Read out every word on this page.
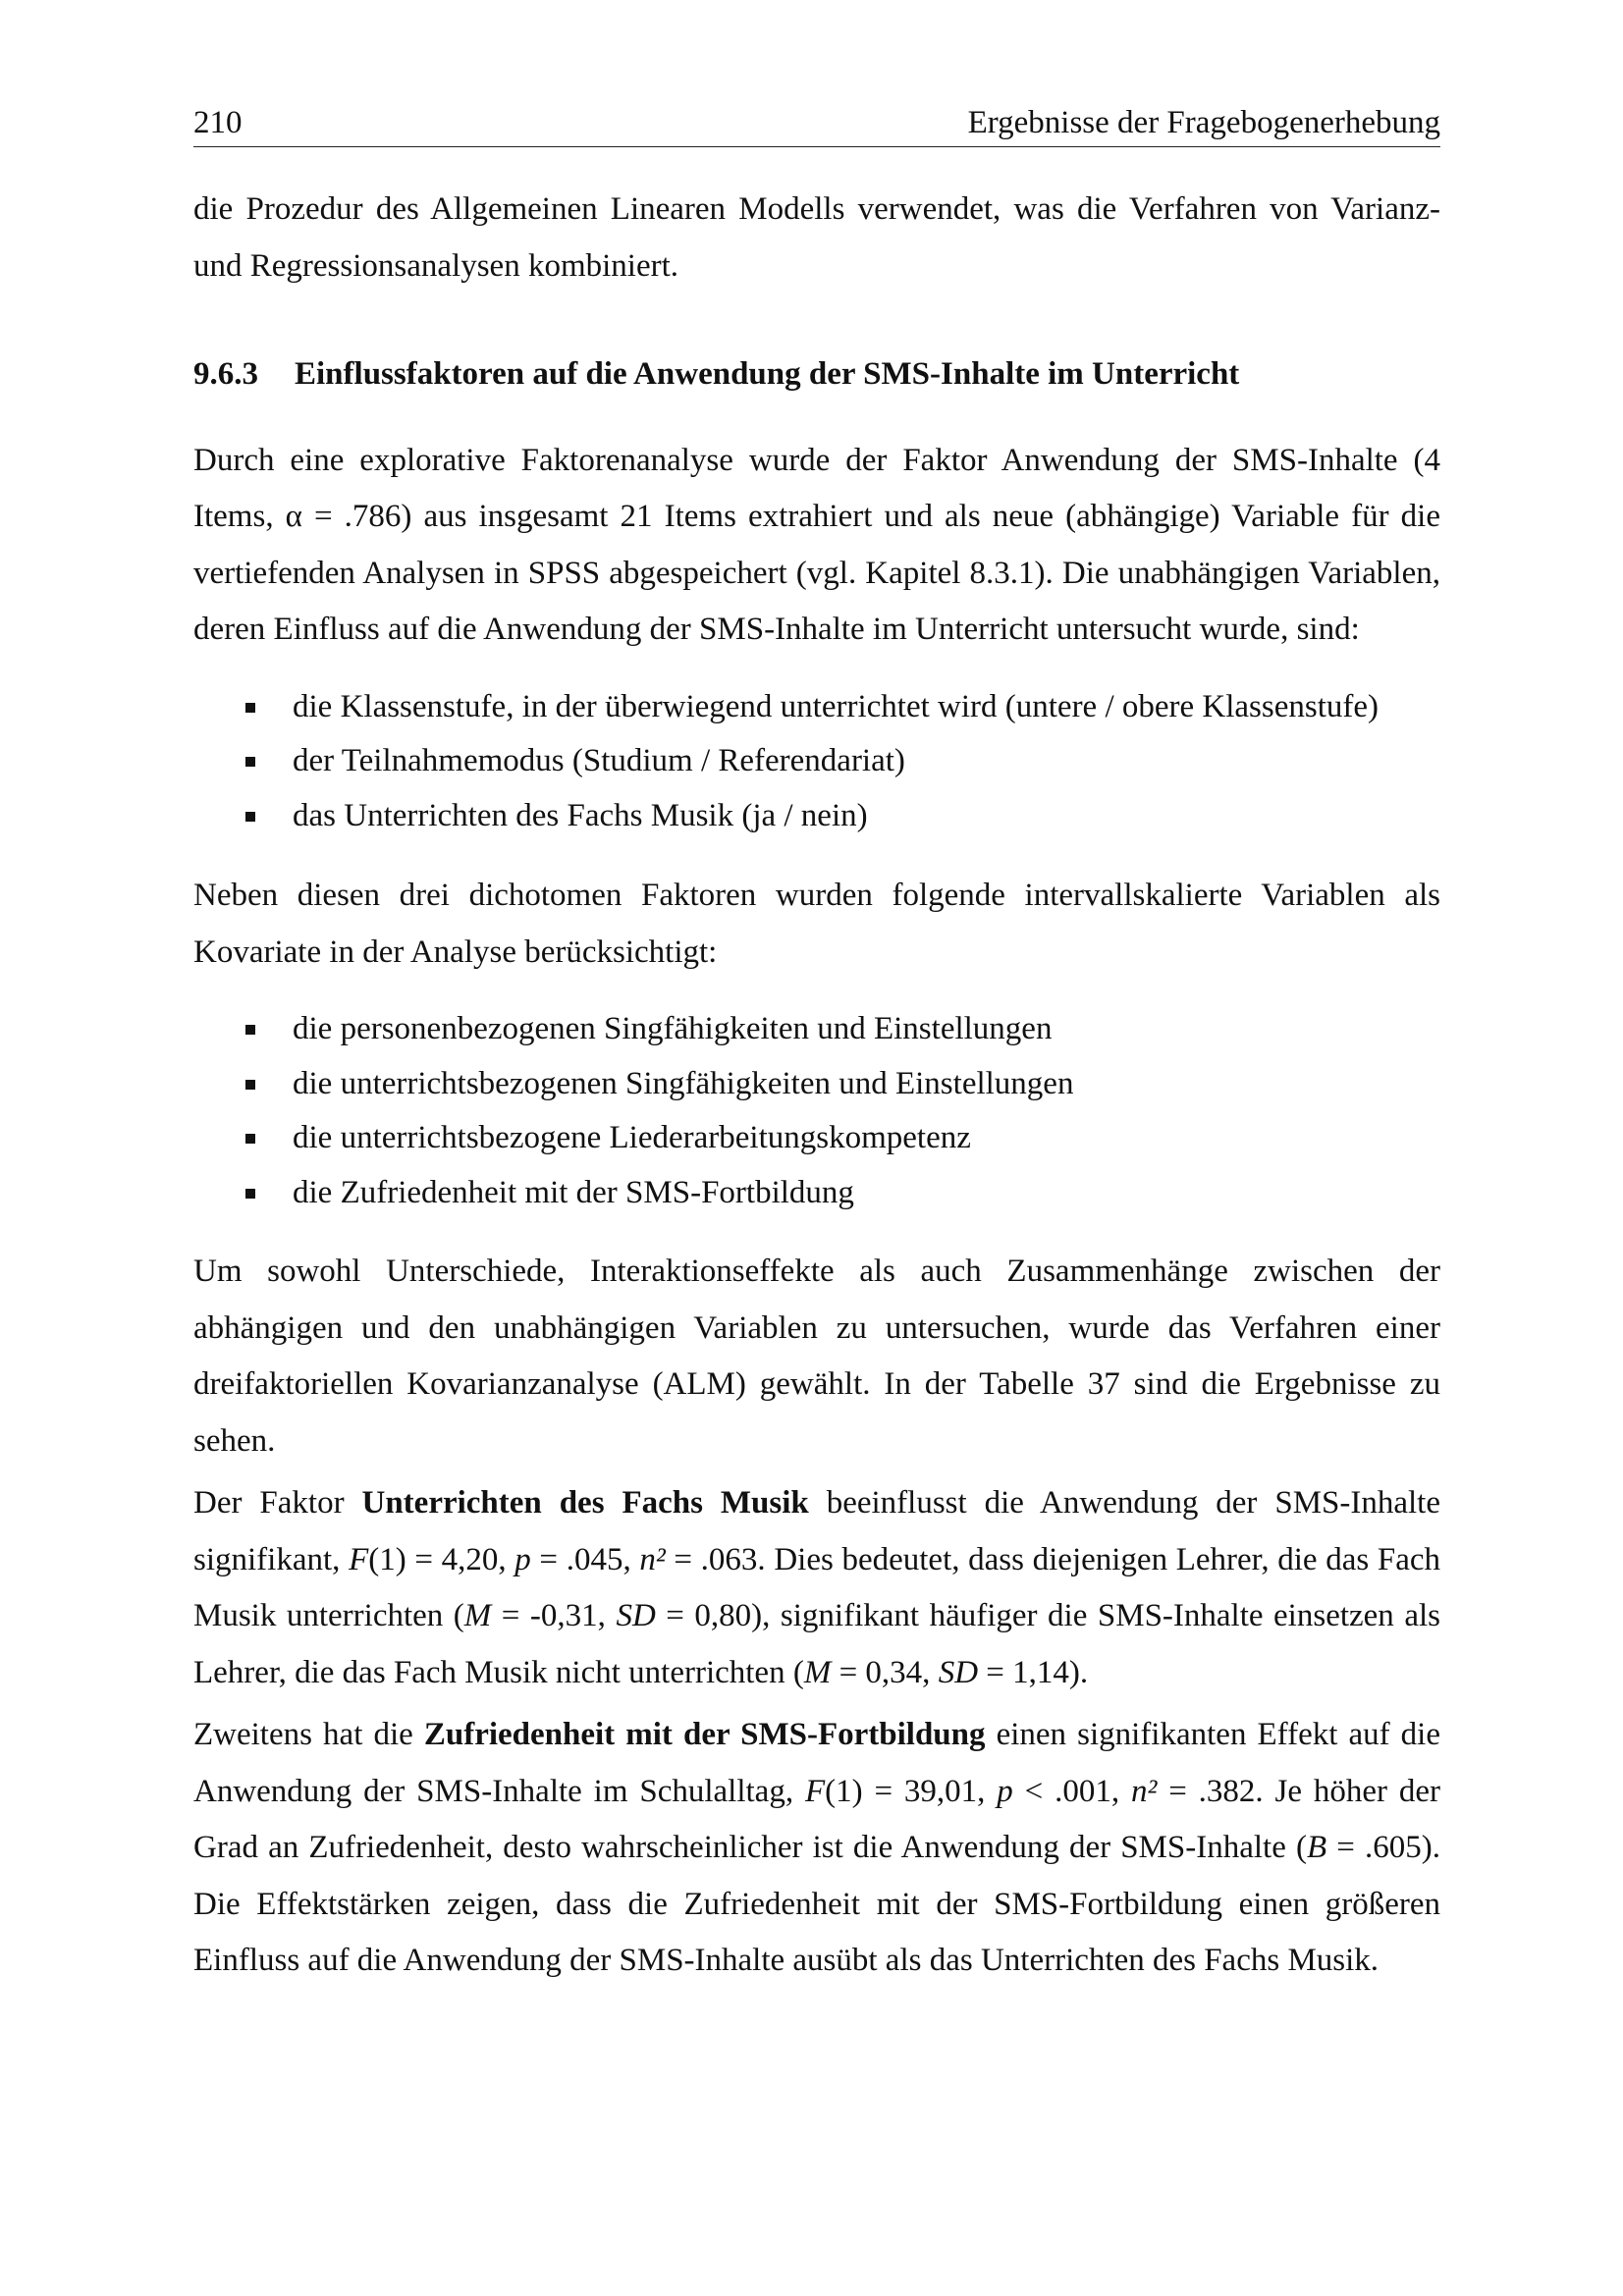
210	Ergebnisse der Fragebogenerhebung

die Prozedur des Allgemeinen Linearen Modells verwendet, was die Verfahren von Varianz- und Regressionsanalysen kombiniert.

9.6.3 Einflussfaktoren auf die Anwendung der SMS-Inhalte im Unterricht

Durch eine explorative Faktorenanalyse wurde der Faktor Anwendung der SMS-Inhalte (4 Items, α = .786) aus insgesamt 21 Items extrahiert und als neue (abhängige) Variable für die vertiefenden Analysen in SPSS abgespeichert (vgl. Kapitel 8.3.1). Die unabhängigen Variablen, deren Einfluss auf die Anwendung der SMS-Inhalte im Unterricht untersucht wurde, sind:

die Klassenstufe, in der überwiegend unterrichtet wird (untere / obere Klassenstufe)
der Teilnahmemodus (Studium / Referendariat)
das Unterrichten des Fachs Musik (ja / nein)

Neben diesen drei dichotomen Faktoren wurden folgende intervallskalierte Variablen als Kovariate in der Analyse berücksichtigt:

die personenbezogenen Singfähigkeiten und Einstellungen
die unterrichtsbezogenen Singfähigkeiten und Einstellungen
die unterrichtsbezogene Liederarbeitungskompetenz
die Zufriedenheit mit der SMS-Fortbildung

Um sowohl Unterschiede, Interaktionseffekte als auch Zusammenhänge zwischen der abhängigen und den unabhängigen Variablen zu untersuchen, wurde das Verfahren einer dreifaktoriellen Kovarianzanalyse (ALM) gewählt. In der Tabelle 37 sind die Ergebnisse zu sehen.

Der Faktor Unterrichten des Fachs Musik beeinflusst die Anwendung der SMS-Inhalte signifikant, F(1) = 4,20, p = .045, n² = .063. Dies bedeutet, dass diejenigen Lehrer, die das Fach Musik unterrichten (M = -0,31, SD = 0,80), signifikant häufiger die SMS-Inhalte einsetzen als Lehrer, die das Fach Musik nicht unterrichten (M = 0,34, SD = 1,14).

Zweitens hat die Zufriedenheit mit der SMS-Fortbildung einen signifikanten Effekt auf die Anwendung der SMS-Inhalte im Schulalltag, F(1) = 39,01, p < .001, n² = .382. Je höher der Grad an Zufriedenheit, desto wahrscheinlicher ist die Anwendung der SMS-Inhalte (B = .605). Die Effektstärken zeigen, dass die Zufriedenheit mit der SMS-Fortbildung einen größeren Einfluss auf die Anwendung der SMS-Inhalte ausübt als das Unterrichten des Fachs Musik.
